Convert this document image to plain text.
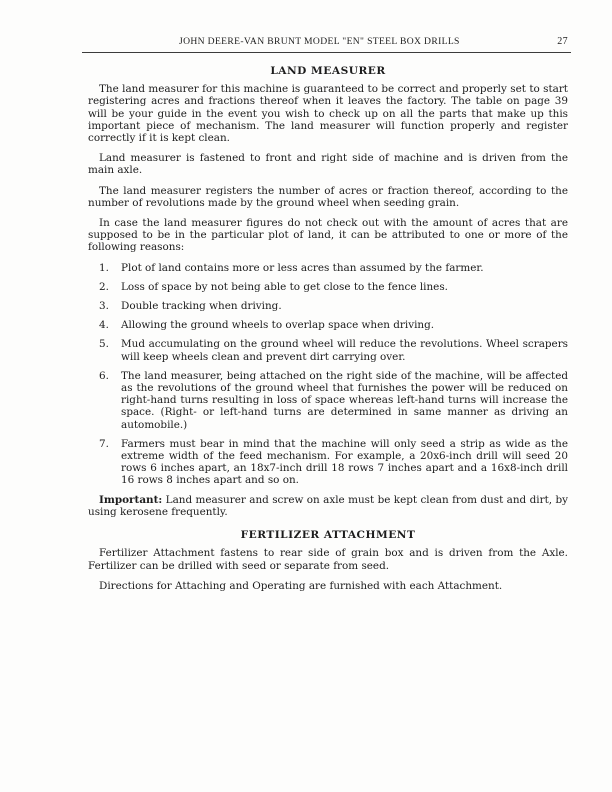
JOHN DEERE-VAN BRUNT MODEL "EN" STEEL BOX DRILLS	27
LAND MEASURER

The land measurer for this machine is guaranteed to be correct and properly set to start registering acres and fractions thereof when it leaves the factory. The table on page 39 will be your guide in the event you wish to check up on all the parts that make up this important piece of mechanism. The land measurer will function properly and register correctly if it is kept clean.

Land measurer is fastened to front and right side of machine and is driven from the main axle.

The land measurer registers the number of acres or fraction thereof, according to the number of revolutions made by the ground wheel when seeding grain.

In case the land measurer figures do not check out with the amount of acres that are supposed to be in the particular plot of land, it can be attributed to one or more of the following reasons:

1. Plot of land contains more or less acres than assumed by the farmer.
2. Loss of space by not being able to get close to the fence lines.
3. Double tracking when driving.
4. Allowing the ground wheels to overlap space when driving.
5. Mud accumulating on the ground wheel will reduce the revolutions. Wheel scrapers will keep wheels clean and prevent dirt carrying over.
6. The land measurer, being attached on the right side of the machine, will be affected as the revolutions of the ground wheel that furnishes the power will be reduced on right-hand turns resulting in loss of space whereas left-hand turns will increase the space. (Right- or left-hand turns are determined in same manner as driving an automobile.)
7. Farmers must bear in mind that the machine will only seed a strip as wide as the extreme width of the feed mechanism. For example, a 20x6-inch drill will seed 20 rows 6 inches apart, an 18x7-inch drill 18 rows 7 inches apart and a 16x8-inch drill 16 rows 8 inches apart and so on.

Important: Land measurer and screw on axle must be kept clean from dust and dirt, by using kerosene frequently.

FERTILIZER ATTACHMENT

Fertilizer Attachment fastens to rear side of grain box and is driven from the Axle. Fertilizer can be drilled with seed or separate from seed.

Directions for Attaching and Operating are furnished with each Attachment.
